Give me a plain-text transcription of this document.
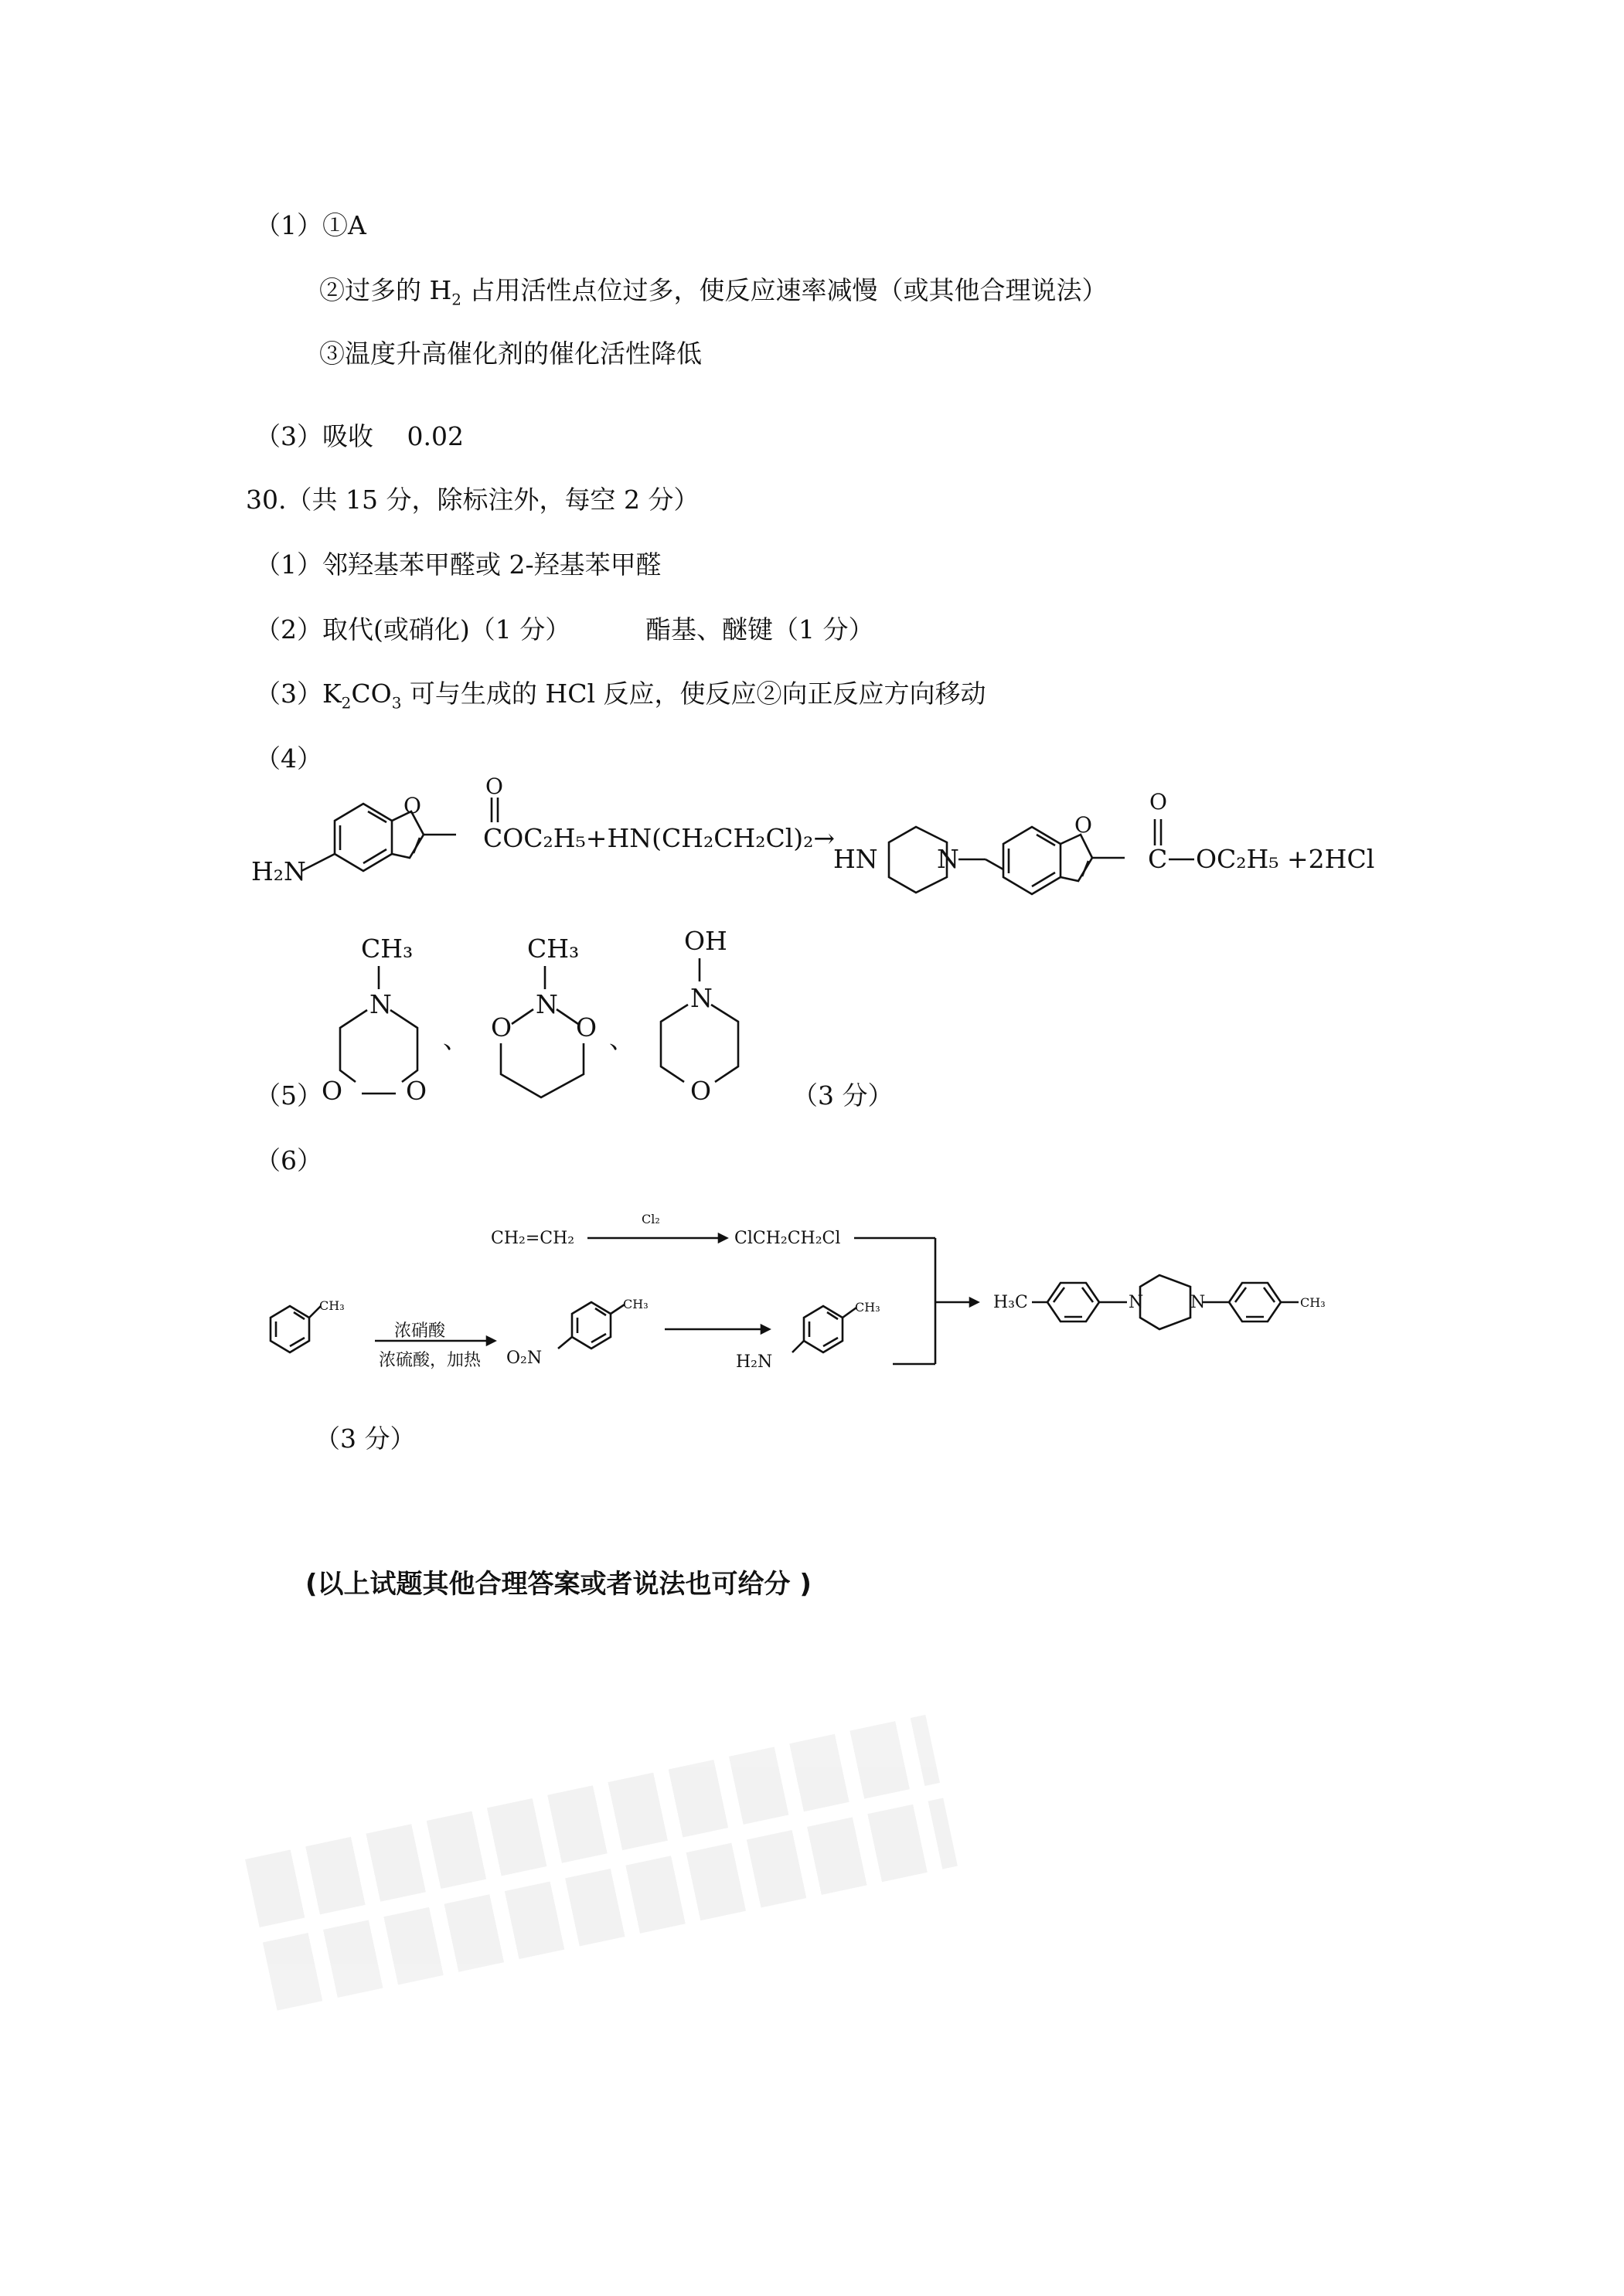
（1）①A
②过多的 $H_2$ 占用活性点位过多，使反应速率减慢（或其他合理说法）
③温度升高催化剂的催化活性降低
（3）吸收　 0.02
30.（共 15 分，除标注外，每空 2 分）
（1）邻羟基苯甲醛或 2-羟基苯甲醛
（2）取代(或硝化)（1 分）	酯基、醚键（1 分）
$(3)K_2CO_3$ 可与生成的 HCl 反应，使反应②向正反应方向移动
（4）
H₂N
O
O
COC₂H₅+HN(CH₂CH₂Cl)₂→
HN N
O
O
C OC₂H₅ +2HCl
CH₃
N
O O
、
CH₃
N
O	O 、
OH
N
O
（5）	（3 分）
（6）
CH₂=CH₂
Cl₂
ClCH₂CH₂Cl
CH₃
浓硝酸
浓硫酸，加热
CH₃
O₂N
CH₃
H₂N
H₃C	N	N	CH₃
（3 分）
(以上试题其他合理答案或者说法也可给分 )
